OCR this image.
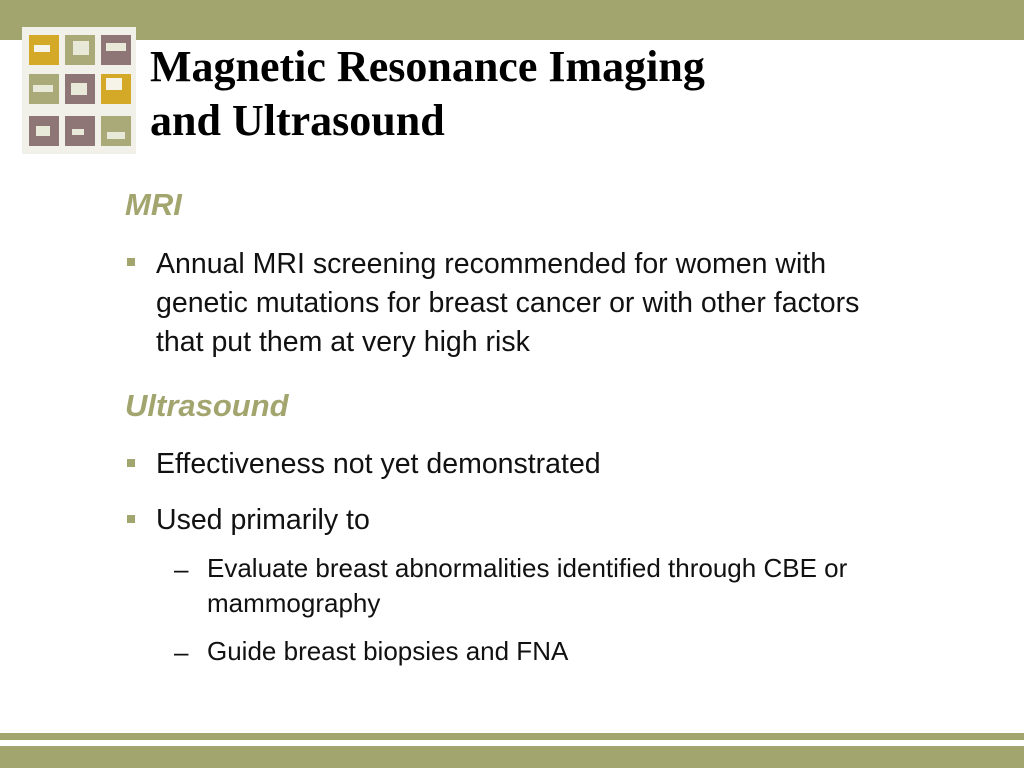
Magnetic Resonance Imaging
and Ultrasound
MRI
Annual MRI screening recommended for women with genetic mutations for breast cancer or with other factors that put them at very high risk
Ultrasound
Effectiveness not yet demonstrated
Used primarily to
– Evaluate breast abnormalities identified through CBE or mammography
– Guide breast biopsies and FNA
